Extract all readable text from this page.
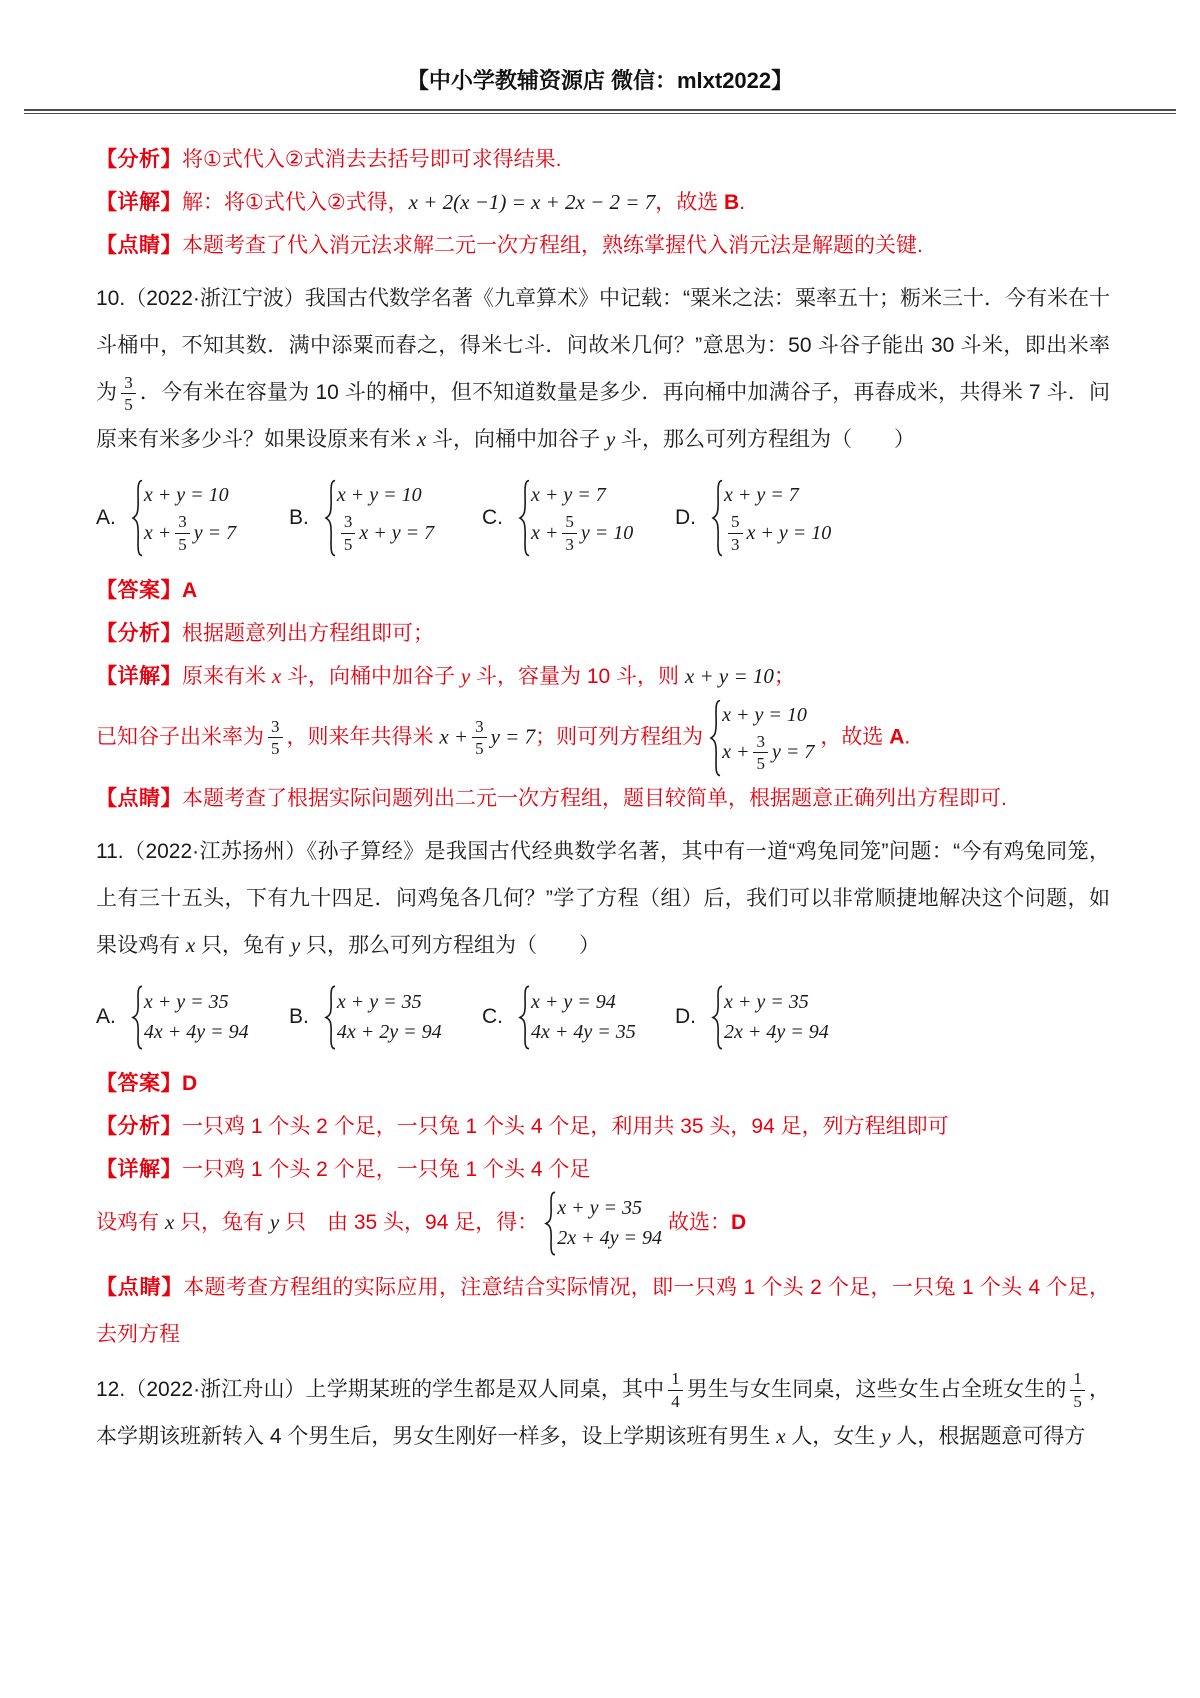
【中小学教辅资源店 微信：mlxt2022】
【分析】将①式代入②式消去去括号即可求得结果.
【详解】解：将①式代入②式得，x + 2(x −1) = x + 2x − 2 = 7，故选 B.
【点睛】本题考查了代入消元法求解二元一次方程组，熟练掌握代入消元法是解题的关键.
10.（2022·浙江宁波）我国古代数学名著《九章算术》中记载：“粟米之法：粟率五十；粝米三十．今有米在十斗桶中，不知其数．满中添粟而舂之，得米七斗．问故米几何？”意思为：50 斗谷子能出 30 斗米，即出米率为 $\frac{3}{5}$ ．今有米在容量为 10 斗的桶中，但不知道数量是多少．再向桶中加满谷子，再舂成米，共得米 7 斗．问原来有米多少斗？如果设原来有米 x 斗，向桶中加谷子 y 斗，那么可列方程组为（　　）
A.
x + y = 10
$x + \frac{3}{5}$ y = 7
B.
x + y = 10
$\frac{3}{5}$ x + y = 7
C.
x + y = 7
$x + \frac{5}{3}$ y = 10
D.
x + y = 7
$\frac{5}{3}$ x + y = 10
【答案】A
【分析】根据题意列出方程组即可；
【详解】原来有米 x 斗，向桶中加谷子 y 斗，容量为 10 斗，则 x + y = 10；
已知谷子出米率为 $\frac{3}{5}$ ，则来年共得米 $x + \frac{3}{5}$ y = 7；则可列方程组为
x + y = 10
$x + \frac{3}{5}$ y = 7
，故选 A.
【点睛】本题考查了根据实际问题列出二元一次方程组，题目较简单，根据题意正确列出方程即可.
11.（2022·江苏扬州）《孙子算经》是我国古代经典数学名著，其中有一道“鸡兔同笼”问题：“今有鸡兔同笼，上有三十五头，下有九十四足．问鸡兔各几何？”学了方程（组）后，我们可以非常顺捷地解决这个问题，如果设鸡有 x 只，兔有 y 只，那么可列方程组为（　　）
A.
x + y = 35
4x + 4y = 94
B.
x + y = 35
4x + 2y = 94
C.
x + y = 94
4x + 4y = 35
D.
x + y = 35
2x + 4y = 94
【答案】D
【分析】一只鸡 1 个头 2 个足，一只兔 1 个头 4 个足，利用共 35 头，94 足，列方程组即可
【详解】一只鸡 1 个头 2 个足，一只兔 1 个头 4 个足
设鸡有 x 只，兔有 y 只　由 35 头，94 足，得：
x + y = 35
2x + 4y = 94
故选：D
【点睛】本题考查方程组的实际应用，注意结合实际情况，即一只鸡 1 个头 2 个足，一只兔 1 个头 4 个足，去列方程
12.（2022·浙江舟山）上学期某班的学生都是双人同桌，其中 $\frac{1}{4}$ 男生与女生同桌，这些女生占全班女生的 $\frac{1}{5}$ ，本学期该班新转入 4 个男生后，男女生刚好一样多，设上学期该班有男生 x 人，女生 y 人，根据题意可得方
